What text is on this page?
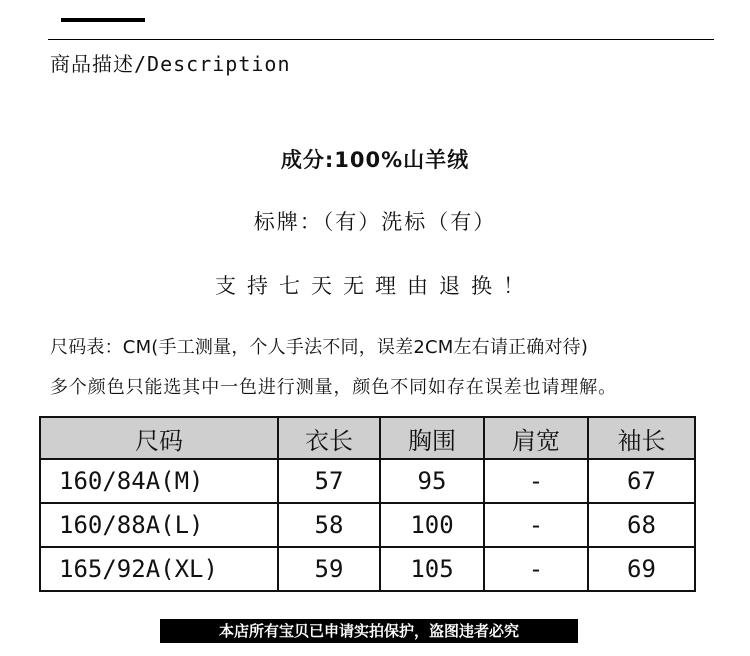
商品描述/Description
成分:100%山羊绒
标牌：（有）洗标（有）
支持七天无理由退换！
尺码表：CM(手工测量，个人手法不同，误差2CM左右请正确对待)
多个颜色只能选其中一色进行测量，颜色不同如存在误差也请理解。
尺码	衣长	胸围	肩宽	袖长
160/84A(M)	57	95	-	67
160/88A(L)	58	100	-	68
165/92A(XL)	59	105	-	69
本店所有宝贝已申请实拍保护，盗图违者必究
